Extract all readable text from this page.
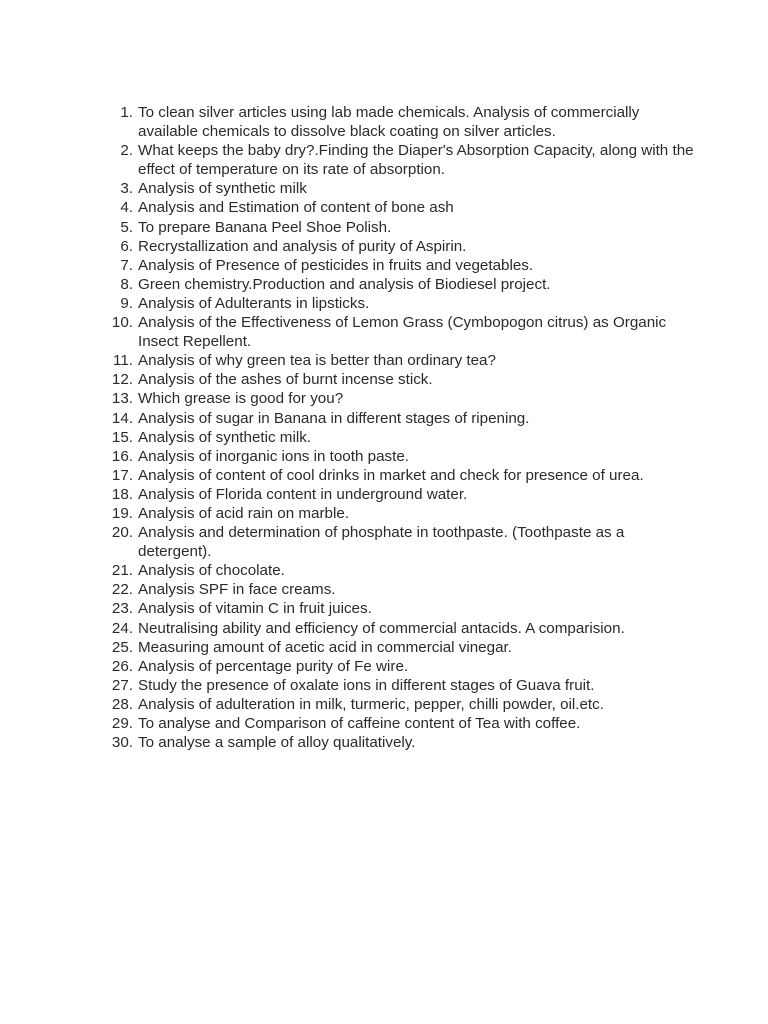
1. To clean silver articles using lab made chemicals. Analysis of commercially available chemicals to dissolve black coating on silver articles.
2. What keeps the baby dry?.Finding the Diaper's Absorption Capacity, along with the effect of temperature on its rate of absorption.
3. Analysis of synthetic milk
4. Analysis and Estimation of content of bone ash
5. To prepare Banana Peel Shoe Polish.
6. Recrystallization and analysis of purity of Aspirin.
7. Analysis of Presence of pesticides in fruits and vegetables.
8. Green chemistry.Production and analysis of Biodiesel project.
9. Analysis of Adulterants in lipsticks.
10. Analysis of the Effectiveness of Lemon Grass (Cymbopogon citrus) as Organic Insect Repellent.
11. Analysis of why green tea is better than ordinary tea?
12. Analysis of the ashes of burnt incense stick.
13. Which grease is good for you?
14. Analysis of sugar in Banana in different stages of ripening.
15. Analysis of synthetic milk.
16. Analysis of inorganic ions in tooth paste.
17. Analysis of content of cool drinks in market and check for presence of urea.
18. Analysis of Florida content in underground water.
19. Analysis of acid rain on marble.
20. Analysis and determination of phosphate in toothpaste. (Toothpaste as a detergent).
21. Analysis of chocolate.
22. Analysis SPF in face creams.
23. Analysis of vitamin C in fruit juices.
24. Neutralising ability and efficiency of commercial antacids. A comparision.
25. Measuring amount of acetic acid in commercial vinegar.
26. Analysis of percentage purity of Fe wire.
27. Study the presence of oxalate ions in different stages of Guava fruit.
28. Analysis of adulteration in milk, turmeric, pepper, chilli powder, oil.etc.
29. To analyse and Comparison of caffeine content of Tea with coffee.
30. To analyse a sample of alloy qualitatively.
